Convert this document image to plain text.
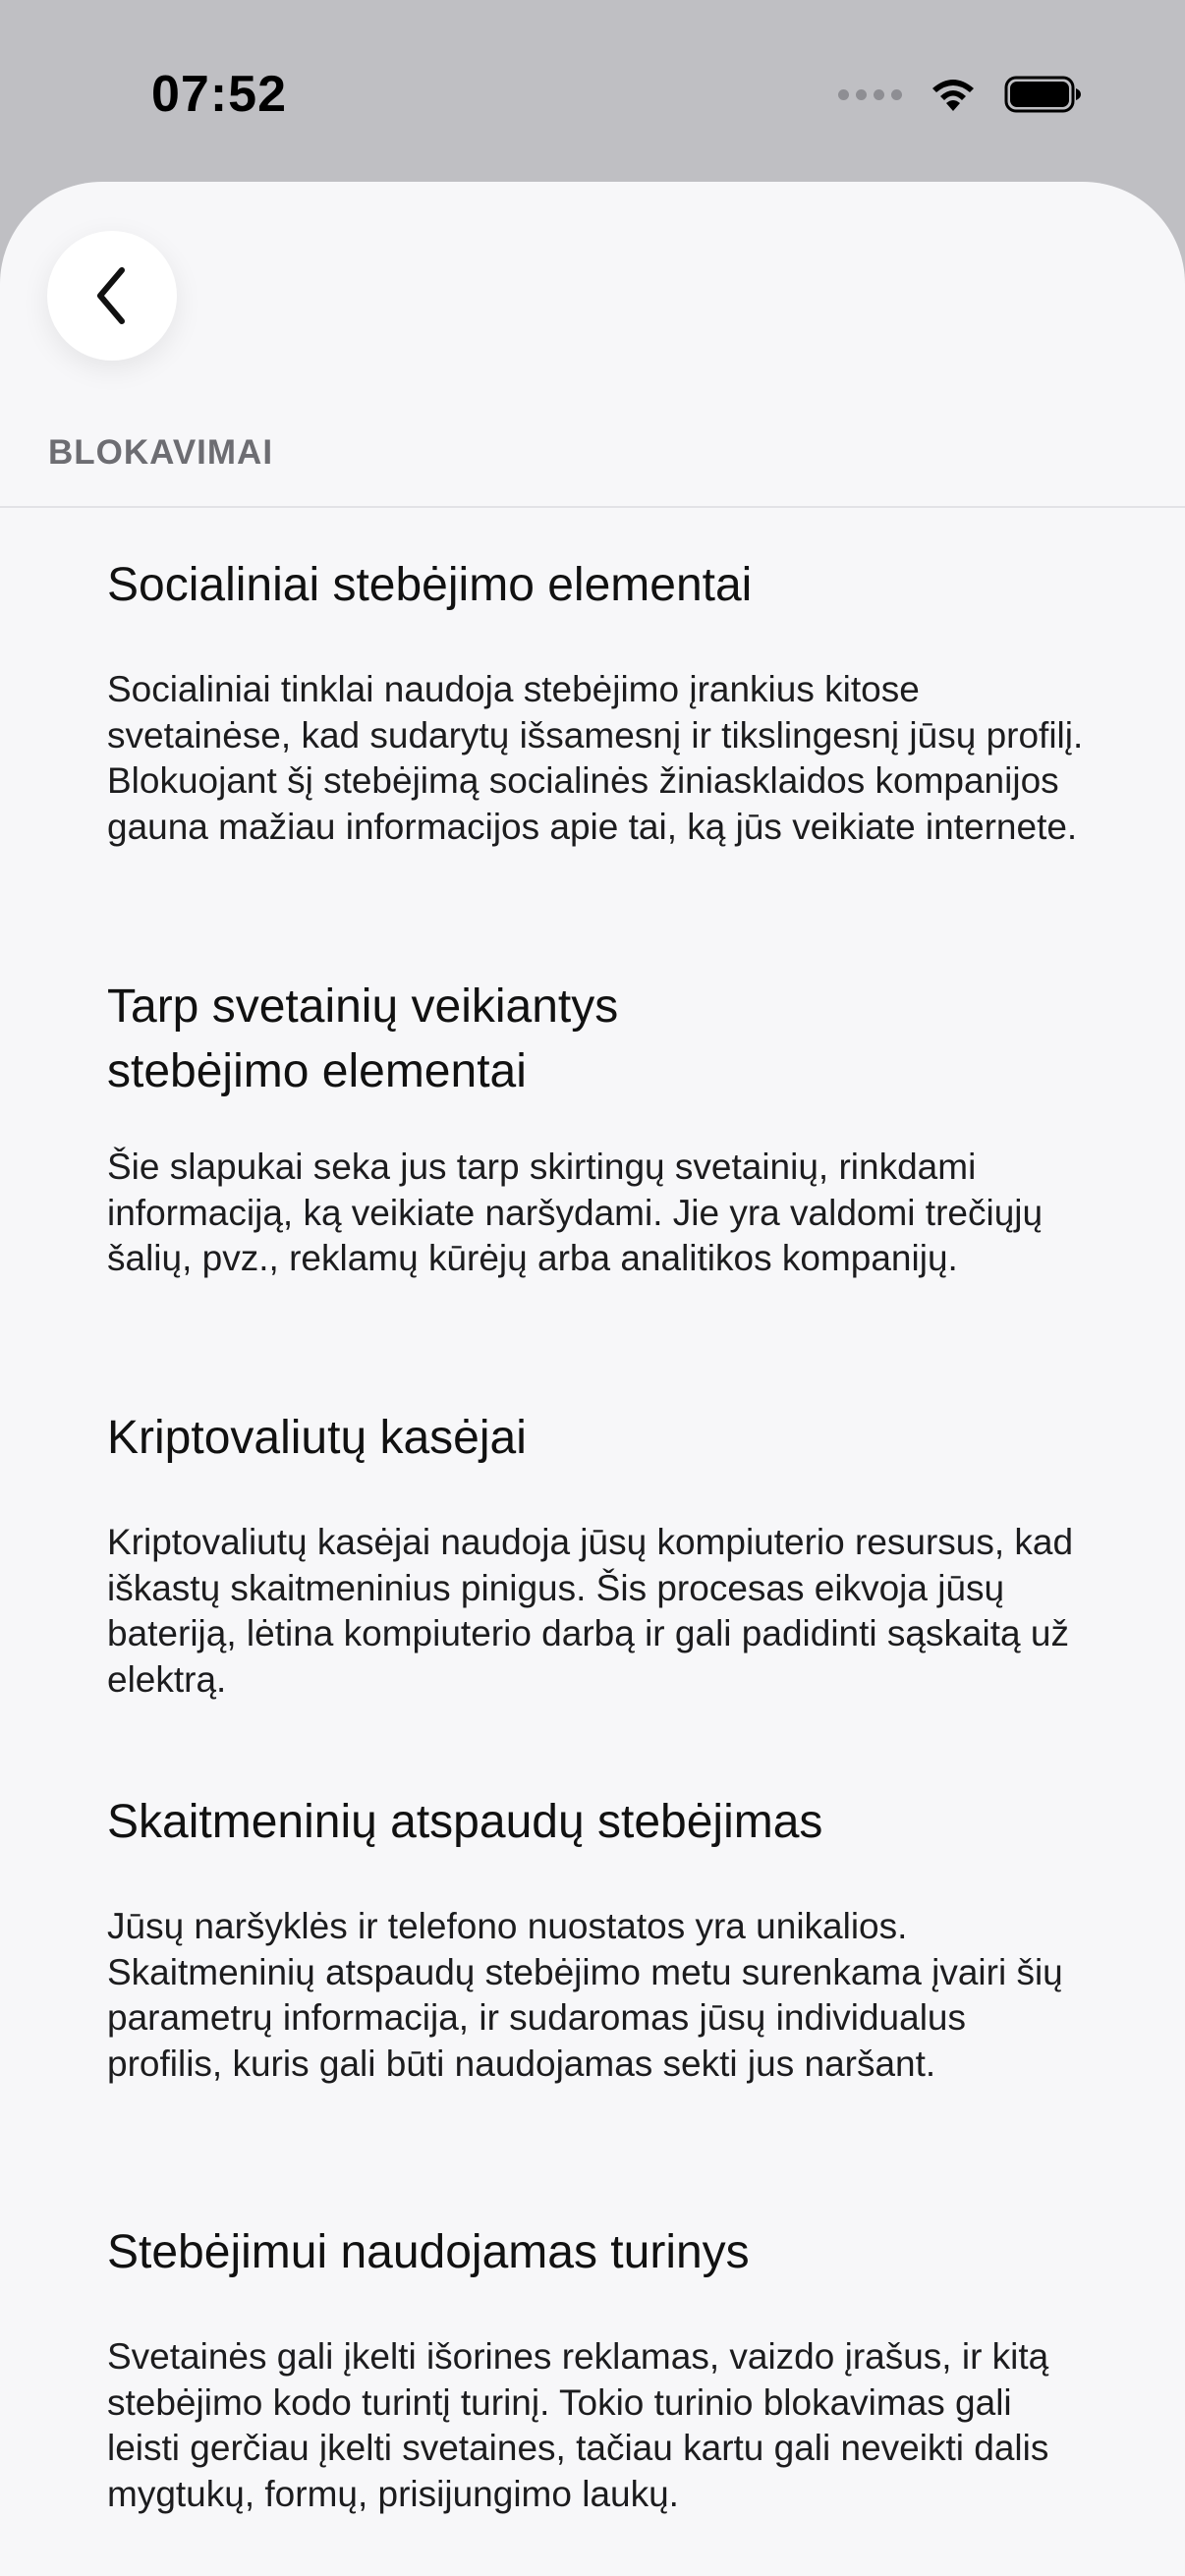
07:52
BLOKAVIMAI
Socialiniai stebėjimo elementai
Socialiniai tinklai naudoja stebėjimo įrankius kitose svetainėse, kad sudarytų išsamesnį ir tikslingesnį jūsų profilį. Blokuojant šį stebėjimą socialinės žiniasklaidos kompanijos gauna mažiau informacijos apie tai, ką jūs veikiate internete.
Tarp svetainių veikiantys stebėjimo elementai
Šie slapukai seka jus tarp skirtingų svetainių, rinkdami informaciją, ką veikiate naršydami. Jie yra valdomi trečiųjų šalių, pvz., reklamų kūrėjų arba analitikos kompanijų.
Kriptovaliutų kasėjai
Kriptovaliutų kasėjai naudoja jūsų kompiuterio resursus, kad iškastų skaitmeninius pinigus. Šis procesas eikvoja jūsų bateriją, lėtina kompiuterio darbą ir gali padidinti sąskaitą už elektrą.
Skaitmeninių atspaudų stebėjimas
Jūsų naršyklės ir telefono nuostatos yra unikalios. Skaitmeninių atspaudų stebėjimo metu surenkama įvairi šių parametrų informacija, ir sudaromas jūsų individualus profilis, kuris gali būti naudojamas sekti jus naršant.
Stebėjimui naudojamas turinys
Svetainės gali įkelti išorines reklamas, vaizdo įrašus, ir kitą stebėjimo kodo turintį turinį. Tokio turinio blokavimas gali leisti gerčiau įkelti svetaines, tačiau kartu gali neveikti dalis mygtukų, formų, prisijungimo laukų.
